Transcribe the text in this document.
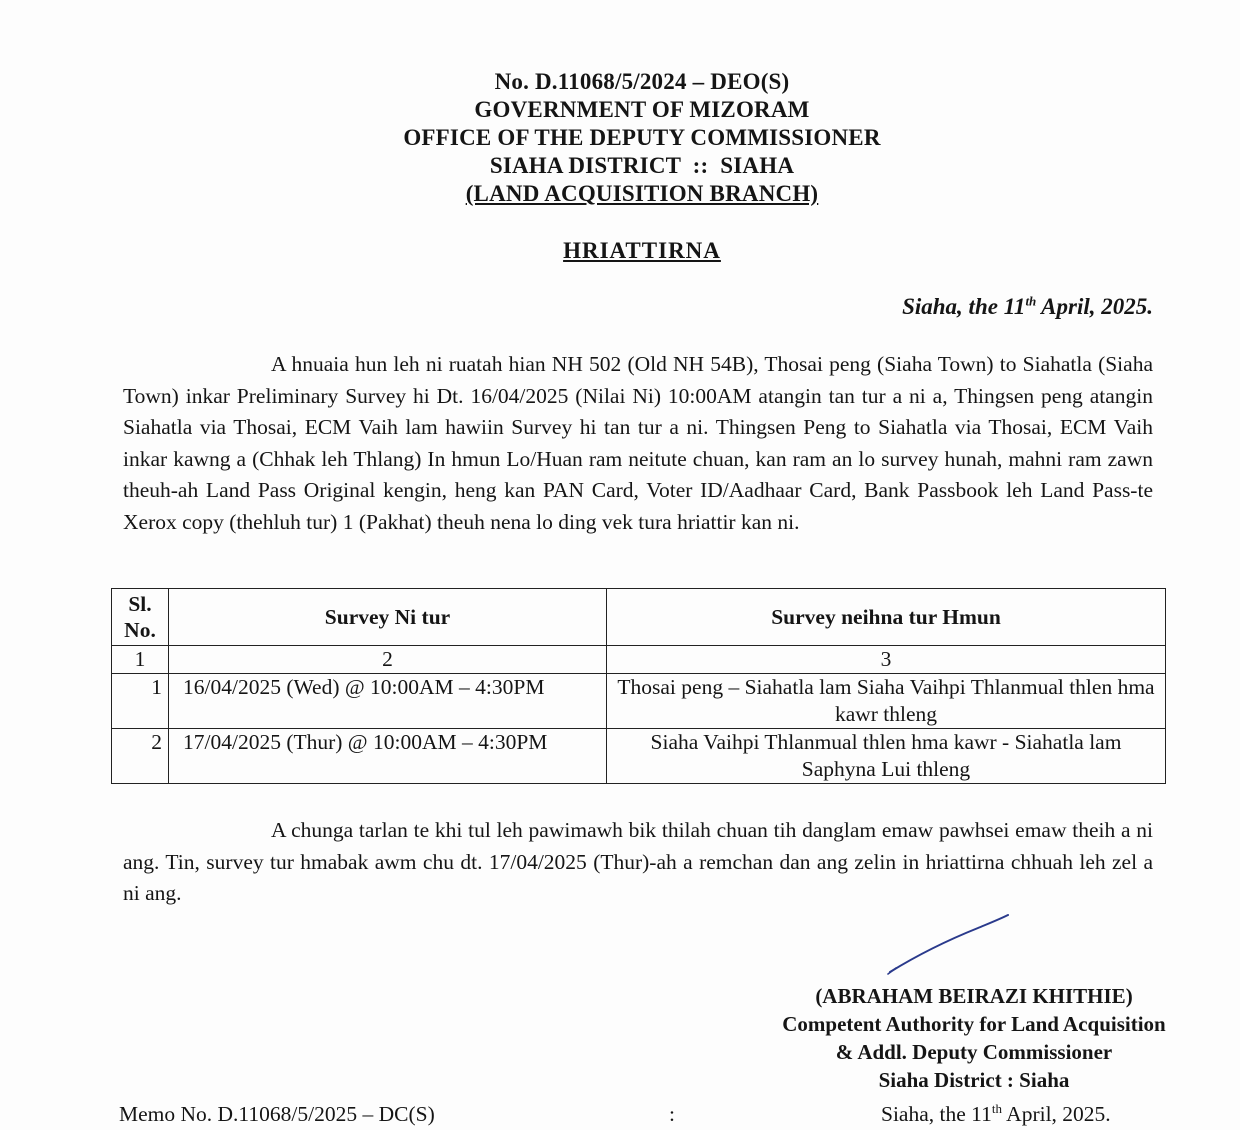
No. D.11068/5/2024 – DEO(S)
GOVERNMENT OF MIZORAM
OFFICE OF THE DEPUTY COMMISSIONER
SIAHA DISTRICT  ::  SIAHA
(LAND ACQUISITION BRANCH)
HRIATTIRNA
Siaha, the 11th April, 2025.

A hnuaia hun leh ni ruatah hian NH 502 (Old NH 54B), Thosai peng (Siaha Town) to Siahatla (Siaha Town) inkar Preliminary Survey hi Dt. 16/04/2025 (Nilai Ni) 10:00AM atangin tan tur a ni a, Thingsen peng atangin Siahatla via Thosai, ECM Vaih lam hawiin Survey hi tan tur a ni. Thingsen Peng to Siahatla via Thosai, ECM Vaih inkar kawng a (Chhak leh Thlang) In hmun Lo/Huan ram neitute chuan, kan ram an lo survey hunah, mahni ram zawn theuh-ah Land Pass Original kengin, heng kan PAN Card, Voter ID/Aadhaar Card, Bank Passbook leh Land Pass-te Xerox copy (thehluh tur) 1 (Pakhat) theuh nena lo ding vek tura hriattir kan ni.

Sl. No.	Survey Ni tur	Survey neihna tur Hmun
1	2	3
1	16/04/2025 (Wed) @ 10:00AM – 4:30PM	Thosai peng – Siahatla lam Siaha Vaihpi Thlanmual thlen hma kawr thleng
2	17/04/2025 (Thur) @ 10:00AM – 4:30PM	Siaha Vaihpi Thlanmual thlen hma kawr - Siahatla lam Saphyna Lui thleng

A chunga tarlan te khi tul leh pawimawh bik thilah chuan tih danglam emaw pawhsei emaw theih a ni ang. Tin, survey tur hmabak awm chu dt. 17/04/2025 (Thur)-ah a remchan dan ang zelin in hriattirna chhuah leh zel a ni ang.

(ABRAHAM BEIRAZI KHITHIE)
Competent Authority for Land Acquisition
& Addl. Deputy Commissioner
Siaha District : Siaha
Memo No. D.11068/5/2025 – DC(S)	:	Siaha, the 11th April, 2025.
